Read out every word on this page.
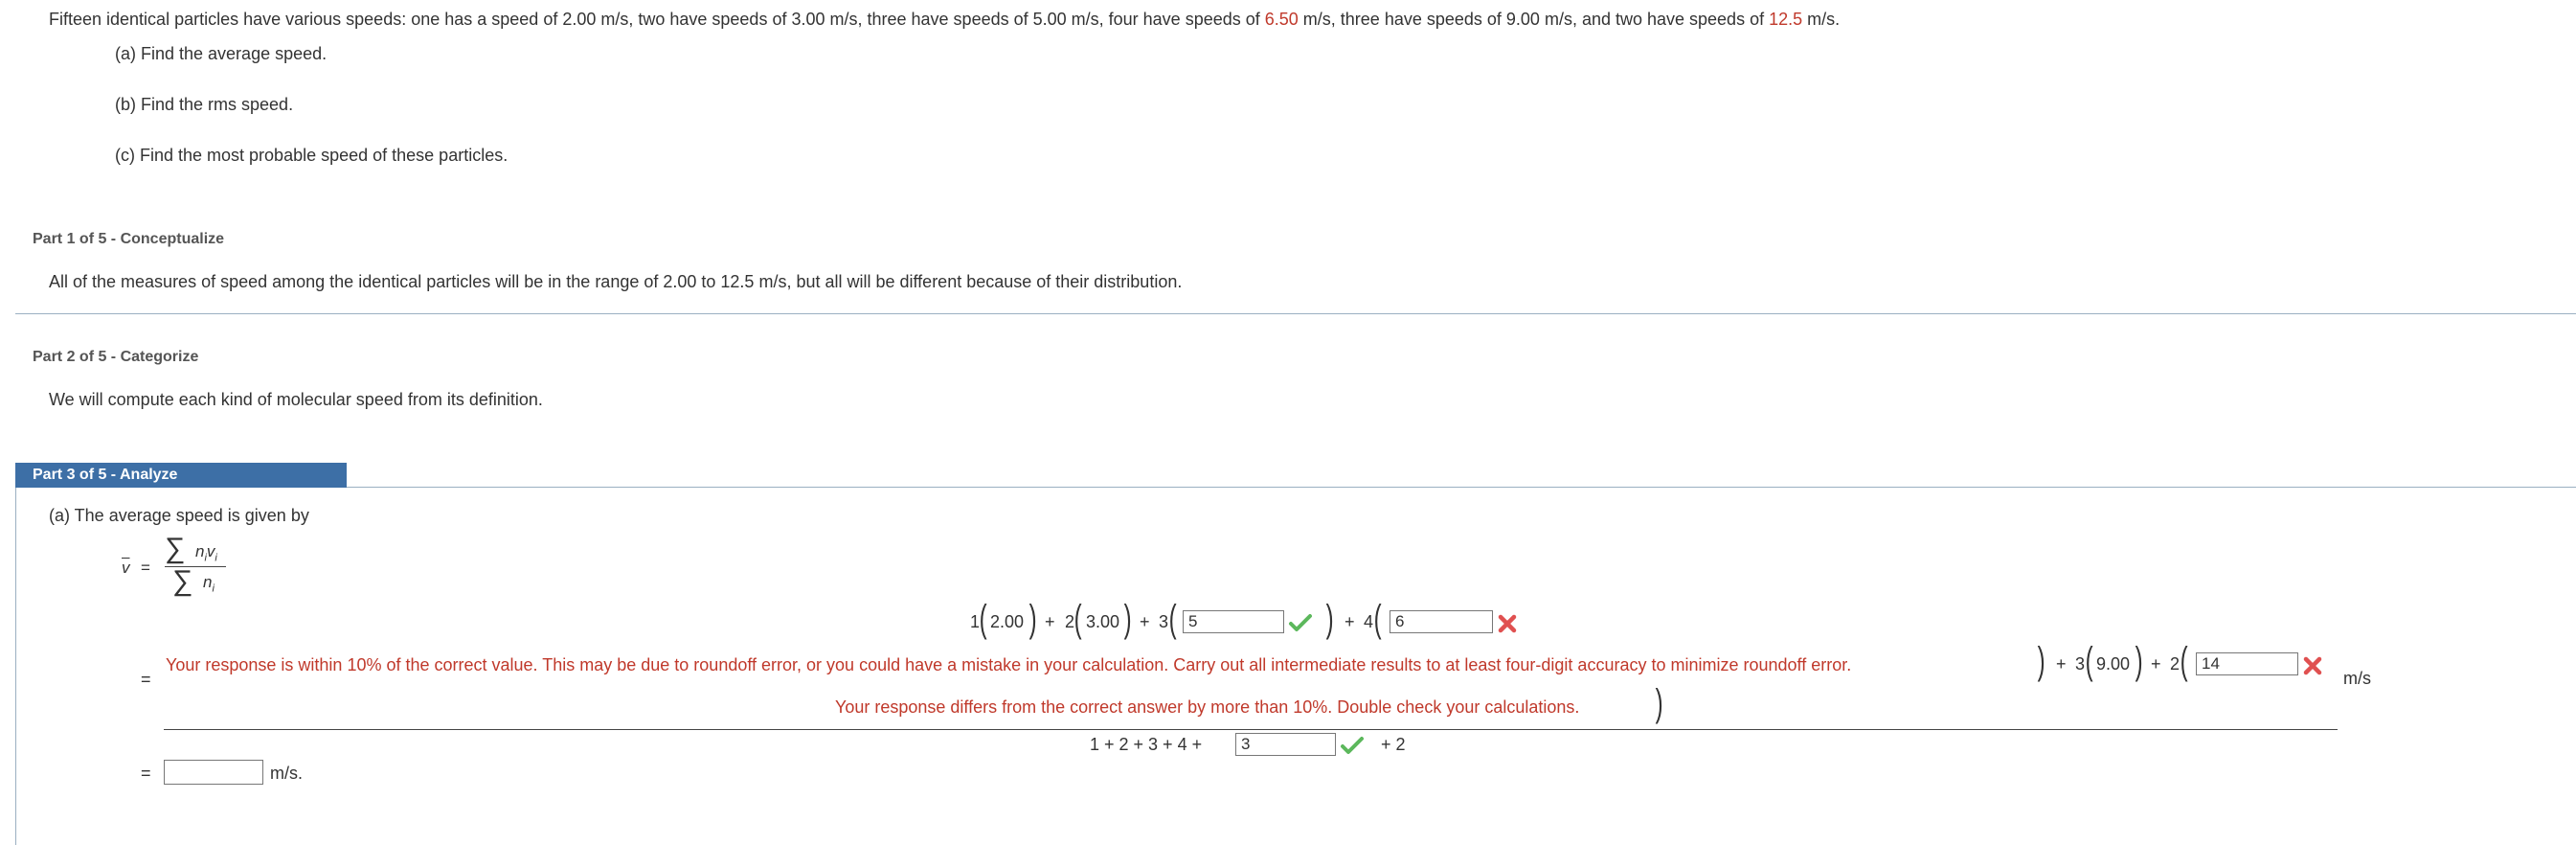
Fifteen identical particles have various speeds: one has a speed of 2.00 m/s, two have speeds of 3.00 m/s, three have speeds of 5.00 m/s, four have speeds of 6.50 m/s, three have speeds of 9.00 m/s, and two have speeds of 12.5 m/s.
(a) Find the average speed.
(b) Find the rms speed.
(c) Find the most probable speed of these particles.
Part 1 of 5 - Conceptualize
All of the measures of speed among the identical particles will be in the range of 2.00 to 12.5 m/s, but all will be different because of their distribution.
Part 2 of 5 - Categorize
We will compute each kind of molecular speed from its definition.
Part 3 of 5 - Analyze
(a) The average speed is given by
$\overline{v}$ =
∑ $n_iv_i$
∑ $n_i$
1 ( 2.00 ) + 2 ( 3.00 ) + 3 (
5	) + 4 (
6
=
Your response is within 10% of the correct value. This may be due to roundoff error, or you could have a mistake in your calculation. Carry out all intermediate results to at least four-digit accuracy to minimize roundoff error.	) + 3 ( 9.00 ) + 2 (
14	m/s
Your response differs from the correct answer by more than 10%. Double check your calculations. )
1 + 2 + 3 + 4 +
3	+ 2
=	m/s.
